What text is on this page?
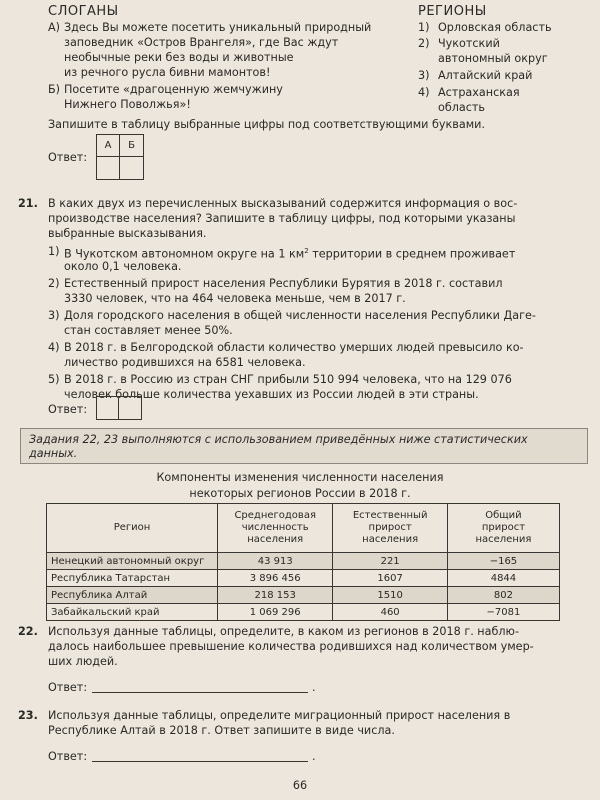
СЛОГАНЫ
А) Здесь Вы можете посетить уникальный природный
заповедник «Остров Врангеля», где Вас ждут
необычные реки без воды и животные
из речного русла бивни мамонтов!
Б) Посетите «драгоценную жемчужину
Нижнего Поволжья»!
РЕГИОНЫ
1) Орловская область
2) Чукотский
автономный округ
3) Алтайский край
4) Астраханская
область
Запишите в таблицу выбранные цифры под соответствующими буквами.
Ответ:
А	Б
21. В каких двух из перечисленных высказываний содержится информация о вос-
производстве населения? Запишите в таблицу цифры, под которыми указаны
выбранные высказывания.
1) В Чукотском автономном округе на 1 $км^2$ территории в среднем проживает
около 0,1 человека.
2) Естественный прирост населения Республики Бурятия в 2018 г. составил
3330 человек, что на 464 человека меньше, чем в 2017 г.
3) Доля городского населения в общей численности населения Республики Даге-
стан составляет менее 50%.
4) В 2018 г. в Белгородской области количество умерших людей превысило ко-
личество родившихся на 6581 человека.
5) В 2018 г. в Россию из стран СНГ прибыли 510 994 человека, что на 129 076
человек больше количества уехавших из России людей в эти страны.
Ответ:
Задания 22, 23 выполняются с использованием приведённых ниже статистических
данных.
Компоненты изменения численности населения
некоторых регионов России в 2018 г.
Регион	Среднегодовая
численность
населения	Естественный
прирост
населения	Общий
прирост
населения
Ненецкий автономный округ	43 913	221	−165
Республика Татарстан	3 896 456	1607	4844
Республика Алтай	218 153	1510	802
Забайкальский край	1 069 296	460	−7081
22. Используя данные таблицы, определите, в каком из регионов в 2018 г. наблю-
далось наибольшее превышение количества родившихся над количеством умер-
ших людей.
Ответ:	.
23. Используя данные таблицы, определите миграционный прирост населения в
Республике Алтай в 2018 г. Ответ запишите в виде числа.
Ответ:	.
66
